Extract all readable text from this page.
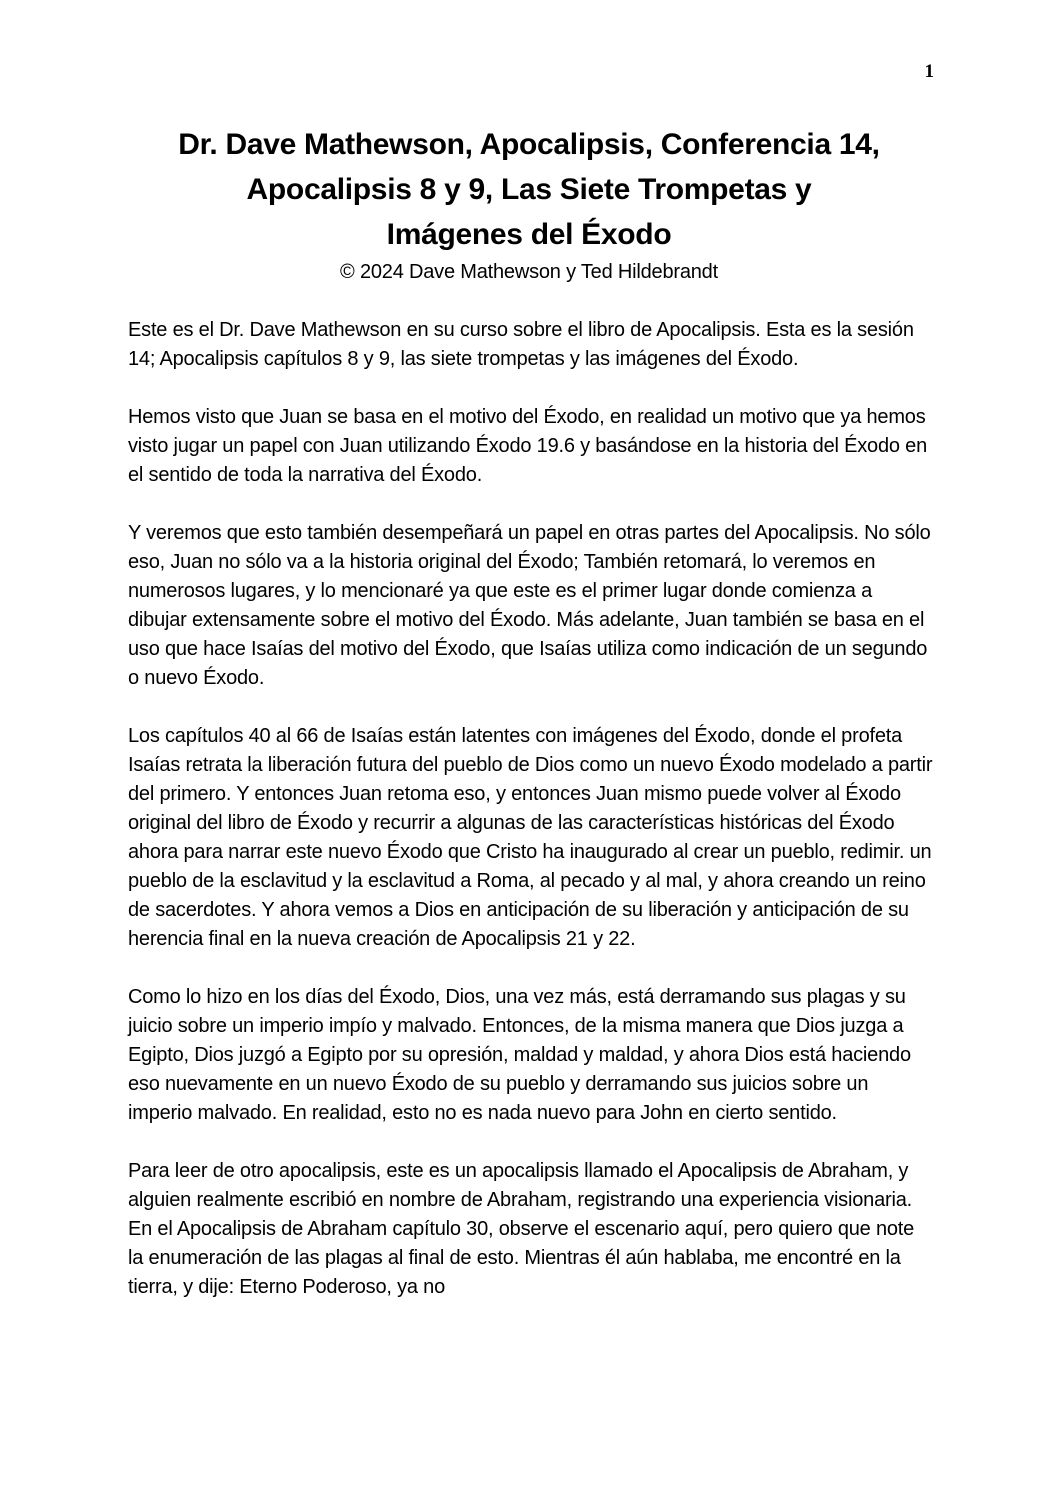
1
Dr. Dave Mathewson, Apocalipsis, Conferencia 14,
Apocalipsis 8 y 9, Las Siete Trompetas y
Imágenes del Éxodo
© 2024 Dave Mathewson y Ted Hildebrandt

Este es el Dr. Dave Mathewson en su curso sobre el libro de Apocalipsis. Esta es la sesión 14; Apocalipsis capítulos 8 y 9, las siete trompetas y las imágenes del Éxodo.

Hemos visto que Juan se basa en el motivo del Éxodo, en realidad un motivo que ya hemos visto jugar un papel con Juan utilizando Éxodo 19.6 y basándose en la historia del Éxodo en el sentido de toda la narrativa del Éxodo.

Y veremos que esto también desempeñará un papel en otras partes del Apocalipsis. No sólo eso, Juan no sólo va a la historia original del Éxodo; También retomará, lo veremos en numerosos lugares, y lo mencionaré ya que este es el primer lugar donde comienza a dibujar extensamente sobre el motivo del Éxodo. Más adelante, Juan también se basa en el uso que hace Isaías del motivo del Éxodo, que Isaías utiliza como indicación de un segundo o nuevo Éxodo.

Los capítulos 40 al 66 de Isaías están latentes con imágenes del Éxodo, donde el profeta Isaías retrata la liberación futura del pueblo de Dios como un nuevo Éxodo modelado a partir del primero. Y entonces Juan retoma eso, y entonces Juan mismo puede volver al Éxodo original del libro de Éxodo y recurrir a algunas de las características históricas del Éxodo ahora para narrar este nuevo Éxodo que Cristo ha inaugurado al crear un pueblo, redimir. un pueblo de la esclavitud y la esclavitud a Roma, al pecado y al mal, y ahora creando un reino de sacerdotes. Y ahora vemos a Dios en anticipación de su liberación y anticipación de su herencia final en la nueva creación de Apocalipsis 21 y 22.

Como lo hizo en los días del Éxodo, Dios, una vez más, está derramando sus plagas y su juicio sobre un imperio impío y malvado. Entonces, de la misma manera que Dios juzga a Egipto, Dios juzgó a Egipto por su opresión, maldad y maldad, y ahora Dios está haciendo eso nuevamente en un nuevo Éxodo de su pueblo y derramando sus juicios sobre un imperio malvado. En realidad, esto no es nada nuevo para John en cierto sentido.

Para leer de otro apocalipsis, este es un apocalipsis llamado el Apocalipsis de Abraham, y alguien realmente escribió en nombre de Abraham, registrando una experiencia visionaria. En el Apocalipsis de Abraham capítulo 30, observe el escenario aquí, pero quiero que note la enumeración de las plagas al final de esto. Mientras él aún hablaba, me encontré en la tierra, y dije: Eterno Poderoso, ya no
